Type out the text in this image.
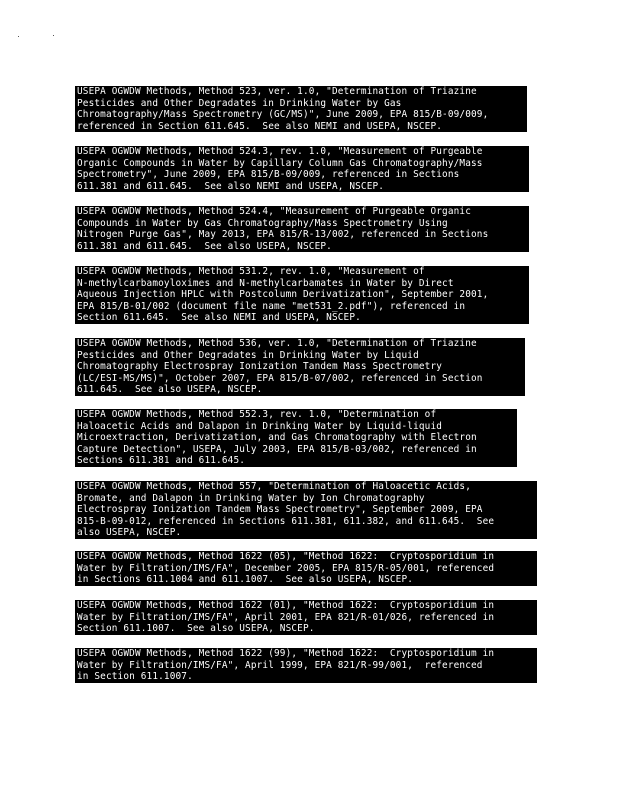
USEPA OGWDW Methods, Method 523, ver. 1.0, "Determination of Triazine
Pesticides and Other Degradates in Drinking Water by Gas
Chromatography/Mass Spectrometry (GC/MS)", June 2009, EPA 815/B-09/009,
referenced in Section 611.645.  See also NEMI and USEPA, NSCEP.
USEPA OGWDW Methods, Method 524.3, rev. 1.0, "Measurement of Purgeable
Organic Compounds in Water by Capillary Column Gas Chromatography/Mass
Spectrometry", June 2009, EPA 815/B-09/009, referenced in Sections
611.381 and 611.645.  See also NEMI and USEPA, NSCEP.
USEPA OGWDW Methods, Method 524.4, "Measurement of Purgeable Organic
Compounds in Water by Gas Chromatography/Mass Spectrometry Using
Nitrogen Purge Gas", May 2013, EPA 815/R-13/002, referenced in Sections
611.381 and 611.645.  See also USEPA, NSCEP.
USEPA OGWDW Methods, Method 531.2, rev. 1.0, "Measurement of
N-methylcarbamoyloximes and N-methylcarbamates in Water by Direct
Aqueous Injection HPLC with Postcolumn Derivatization", September 2001,
EPA 815/B-01/002 (document file name "met531_2.pdf"), referenced in
Section 611.645.  See also NEMI and USEPA, NSCEP.
USEPA OGWDW Methods, Method 536, ver. 1.0, "Determination of Triazine
Pesticides and Other Degradates in Drinking Water by Liquid
Chromatography Electrospray Ionization Tandem Mass Spectrometry
(LC/ESI-MS/MS)", October 2007, EPA 815/B-07/002, referenced in Section
611.645.  See also USEPA, NSCEP.
USEPA OGWDW Methods, Method 552.3, rev. 1.0, "Determination of
Haloacetic Acids and Dalapon in Drinking Water by Liquid-liquid
Microextraction, Derivatization, and Gas Chromatography with Electron
Capture Detection", USEPA, July 2003, EPA 815/B-03/002, referenced in
Sections 611.381 and 611.645.
USEPA OGWDW Methods, Method 557, "Determination of Haloacetic Acids,
Bromate, and Dalapon in Drinking Water by Ion Chromatography
Electrospray Ionization Tandem Mass Spectrometry", September 2009, EPA
815-B-09-012, referenced in Sections 611.381, 611.382, and 611.645.  See
also USEPA, NSCEP.
USEPA OGWDW Methods, Method 1622 (05), "Method 1622:  Cryptosporidium in
Water by Filtration/IMS/FA", December 2005, EPA 815/R-05/001, referenced
in Sections 611.1004 and 611.1007.  See also USEPA, NSCEP.
USEPA OGWDW Methods, Method 1622 (01), "Method 1622:  Cryptosporidium in
Water by Filtration/IMS/FA", April 2001, EPA 821/R-01/026, referenced in
Section 611.1007.  See also USEPA, NSCEP.
USEPA OGWDW Methods, Method 1622 (99), "Method 1622:  Cryptosporidium in
Water by Filtration/IMS/FA", April 1999, EPA 821/R-99/001,  referenced
in Section 611.1007.
